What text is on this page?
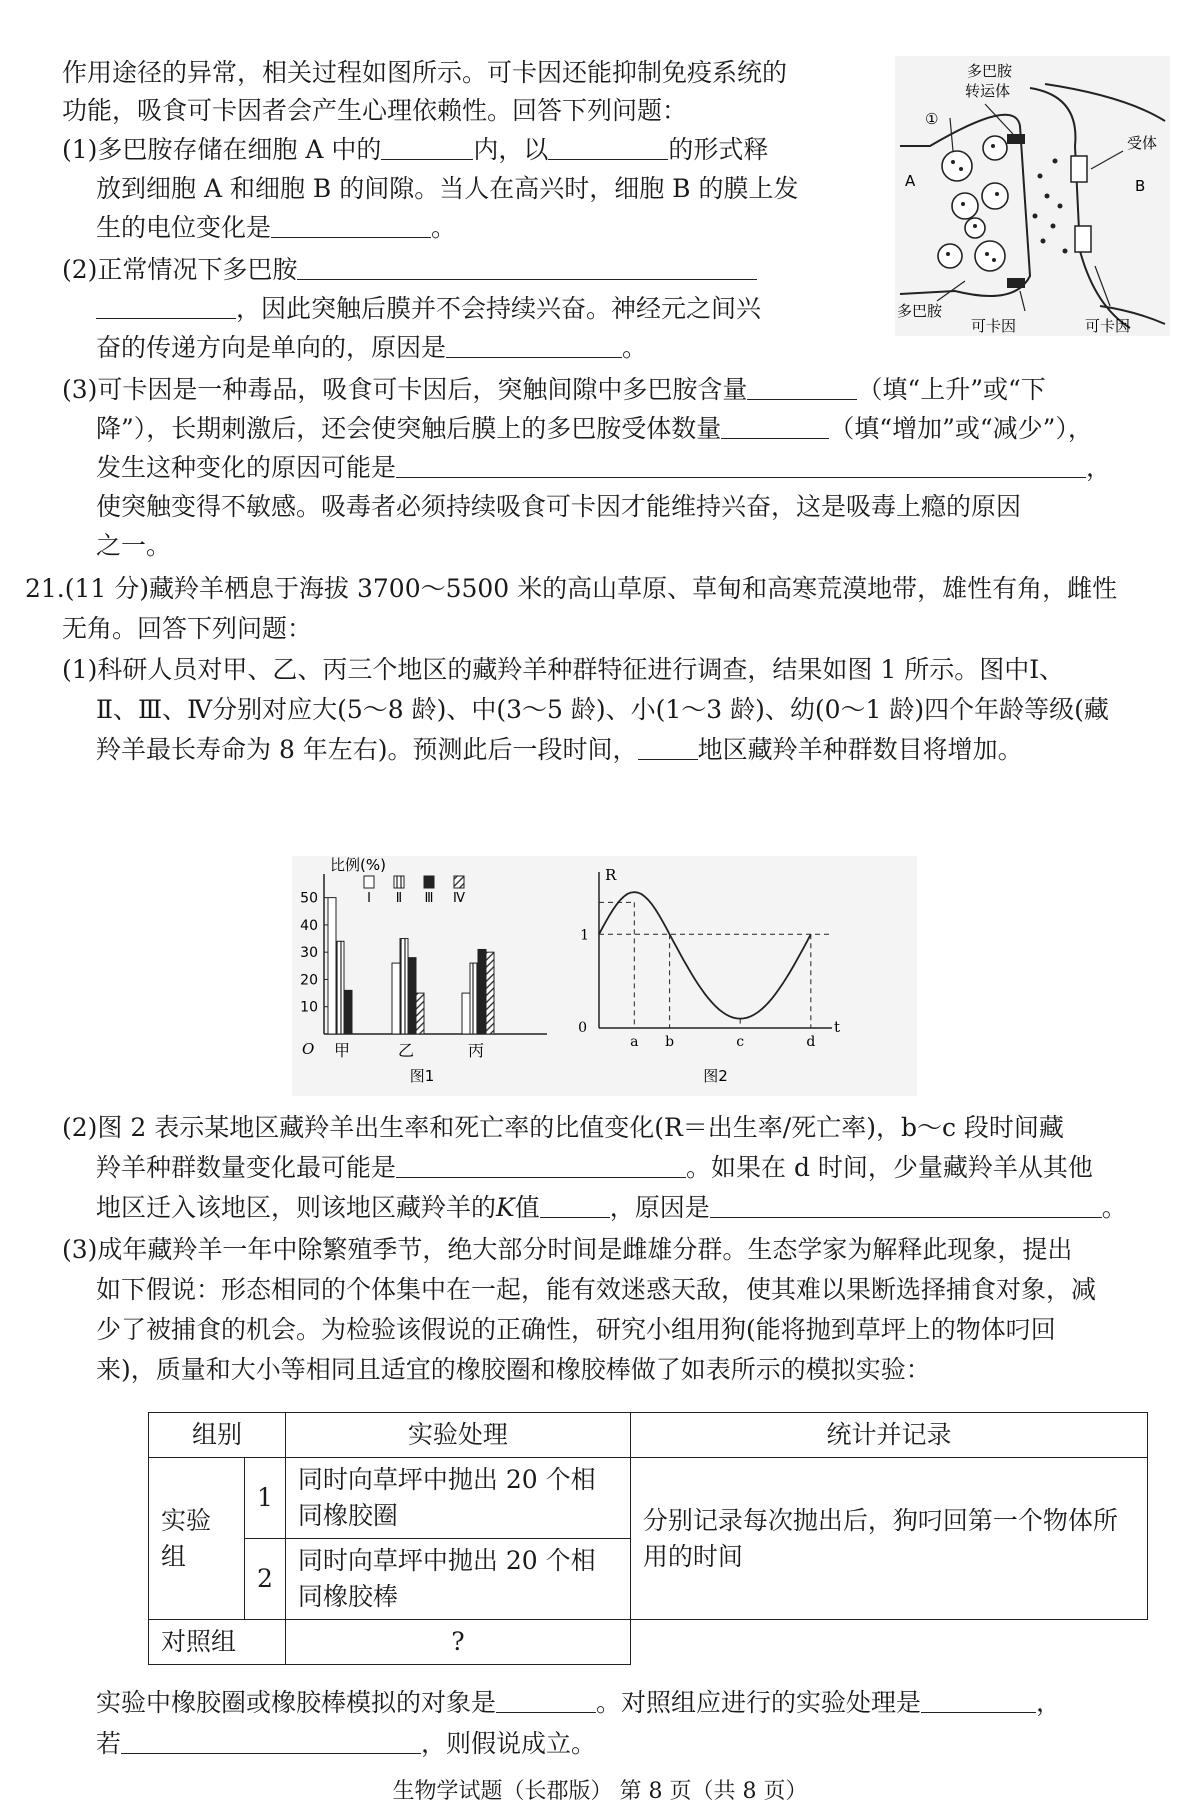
作用途径的异常，相关过程如图所示。可卡因还能抑制免疫系统的
功能，吸食可卡因者会产生心理依赖性。回答下列问题：
(1)多巴胺存储在细胞 A 中的	内，以	的形式释
放到细胞 A 和细胞 B 的间隙。当人在高兴时，细胞 B 的膜上发
生的电位变化是	。
(2)正常情况下多巴胺
，因此突触后膜并不会持续兴奋。神经元之间兴
奋的传递方向是单向的，原因是	。
(3)可卡因是一种毒品，吸食可卡因后，突触间隙中多巴胺含量	（填“上升”或“下
降”），长期刺激后，还会使突触后膜上的多巴胺受体数量	（填“增加”或“减少”），
发生这种变化的原因可能是	，
使突触变得不敏感。吸毒者必须持续吸食可卡因才能维持兴奋，这是吸毒上瘾的原因
之一。
多巴胺
转运体
受体
A	B
①
多巴胺
可卡因	可卡因
21.(11 分)藏羚羊栖息于海拔 3700～5500 米的高山草原、草甸和高寒荒漠地带，雄性有角，雌性
无角。回答下列问题：
(1)科研人员对甲、乙、丙三个地区的藏羚羊种群特征进行调查，结果如图 1 所示。图中Ⅰ、
Ⅱ、Ⅲ、Ⅳ分别对应大(5～8 龄)、中(3～5 龄)、小(1～3 龄)、幼(0～1 龄)四个年龄等级(藏
羚羊最长寿命为 8 年左右)。预测此后一段时间， 地区藏羚羊种群数目将增加。
比例(%)
O
10
20
30
40
50
甲	乙	丙
Ⅰ Ⅱ Ⅲ Ⅳ
图1
R
t
0
1
a b	c	d
图2
(2)图 2 表示某地区藏羚羊出生率和死亡率的比值变化(R＝出生率/死亡率)，b～c 段时间藏
羚羊种群数量变化最可能是	。如果在 d 时间，少量藏羚羊从其他
地区迁入该地区，则该地区藏羚羊的K值	，原因是	。
(3)成年藏羚羊一年中除繁殖季节，绝大部分时间是雌雄分群。生态学家为解释此现象，提出
如下假说：形态相同的个体集中在一起，能有效迷惑天敌，使其难以果断选择捕食对象，减
少了被捕食的机会。为检验该假说的正确性，研究小组用狗(能将抛到草坪上的物体叼回
来)，质量和大小等相同且适宜的橡胶圈和橡胶棒做了如表所示的模拟实验：
组别		实验处理	统计并记录
实验组	1	同时向草坪中抛出 20 个相同橡胶圈	分别记录每次抛出后，狗叼回第一个物体所用的时间
	2	同时向草坪中抛出 20 个相同橡胶棒	
对照组		?	
实验中橡胶圈或橡胶棒模拟的对象是	。对照组应进行的实验处理是	，
若	，则假说成立。
生物学试题（长郡版） 第 8 页（共 8 页）
